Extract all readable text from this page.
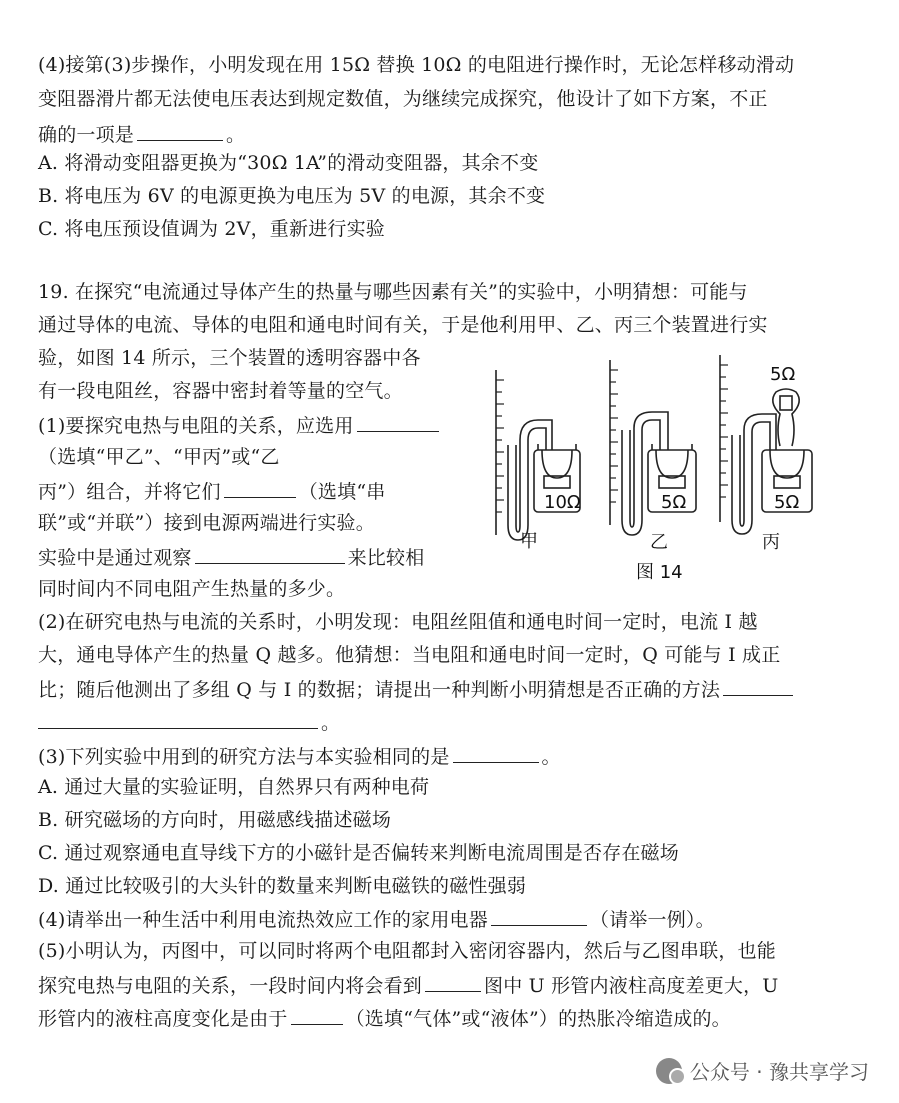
(4)接第(3)步操作，小明发现在用 15Ω 替换 10Ω 的电阻进行操作时，无论怎样移动滑动
变阻器滑片都无法使电压表达到规定数值，为继续完成探究，他设计了如下方案，不正
确的一项是	。
A. 将滑动变阻器更换为“30Ω 1A”的滑动变阻器，其余不变
B. 将电压为 6V 的电源更换为电压为 5V 的电源，其余不变
C. 将电压预设值调为 2V，重新进行实验
19. 在探究“电流通过导体产生的热量与哪些因素有关”的实验中，小明猜想：可能与
通过导体的电流、导体的电阻和通电时间有关，于是他利用甲、乙、丙三个装置进行实
验，如图 14 所示，三个装置的透明容器中各
有一段电阻丝，容器中密封着等量的空气。
(1)要探究电热与电阻的关系，应选用
（选填“甲乙”、“甲丙”或“乙
丙”）组合，并将它们	（选填“串
联”或“并联”）接到电源两端进行实验。
实验中是通过观察	来比较相
同时间内不同电阻产生热量的多少。
10Ω	5Ω	5Ω
5Ω
甲	乙	丙
图 14
(2)在研究电热与电流的关系时，小明发现：电阻丝阻值和通电时间一定时，电流 I 越
大，通电导体产生的热量 Q 越多。他猜想：当电阻和通电时间一定时，Q 可能与 I 成正
比；随后他测出了多组 Q 与 I 的数据；请提出一种判断小明猜想是否正确的方法
。
(3)下列实验中用到的研究方法与本实验相同的是	。
A. 通过大量的实验证明，自然界只有两种电荷
B. 研究磁场的方向时，用磁感线描述磁场
C. 通过观察通电直导线下方的小磁针是否偏转来判断电流周围是否存在磁场
D. 通过比较吸引的大头针的数量来判断电磁铁的磁性强弱
(4)请举出一种生活中利用电流热效应工作的家用电器	（请举一例）。
(5)小明认为，丙图中，可以同时将两个电阻都封入密闭容器内，然后与乙图串联，也能
探究电热与电阻的关系，一段时间内将会看到	图中 U 形管内液柱高度差更大，U
形管内的液柱高度变化是由于	（选填“气体”或“液体”）的热胀冷缩造成的。
公众号 · 豫共享学习
